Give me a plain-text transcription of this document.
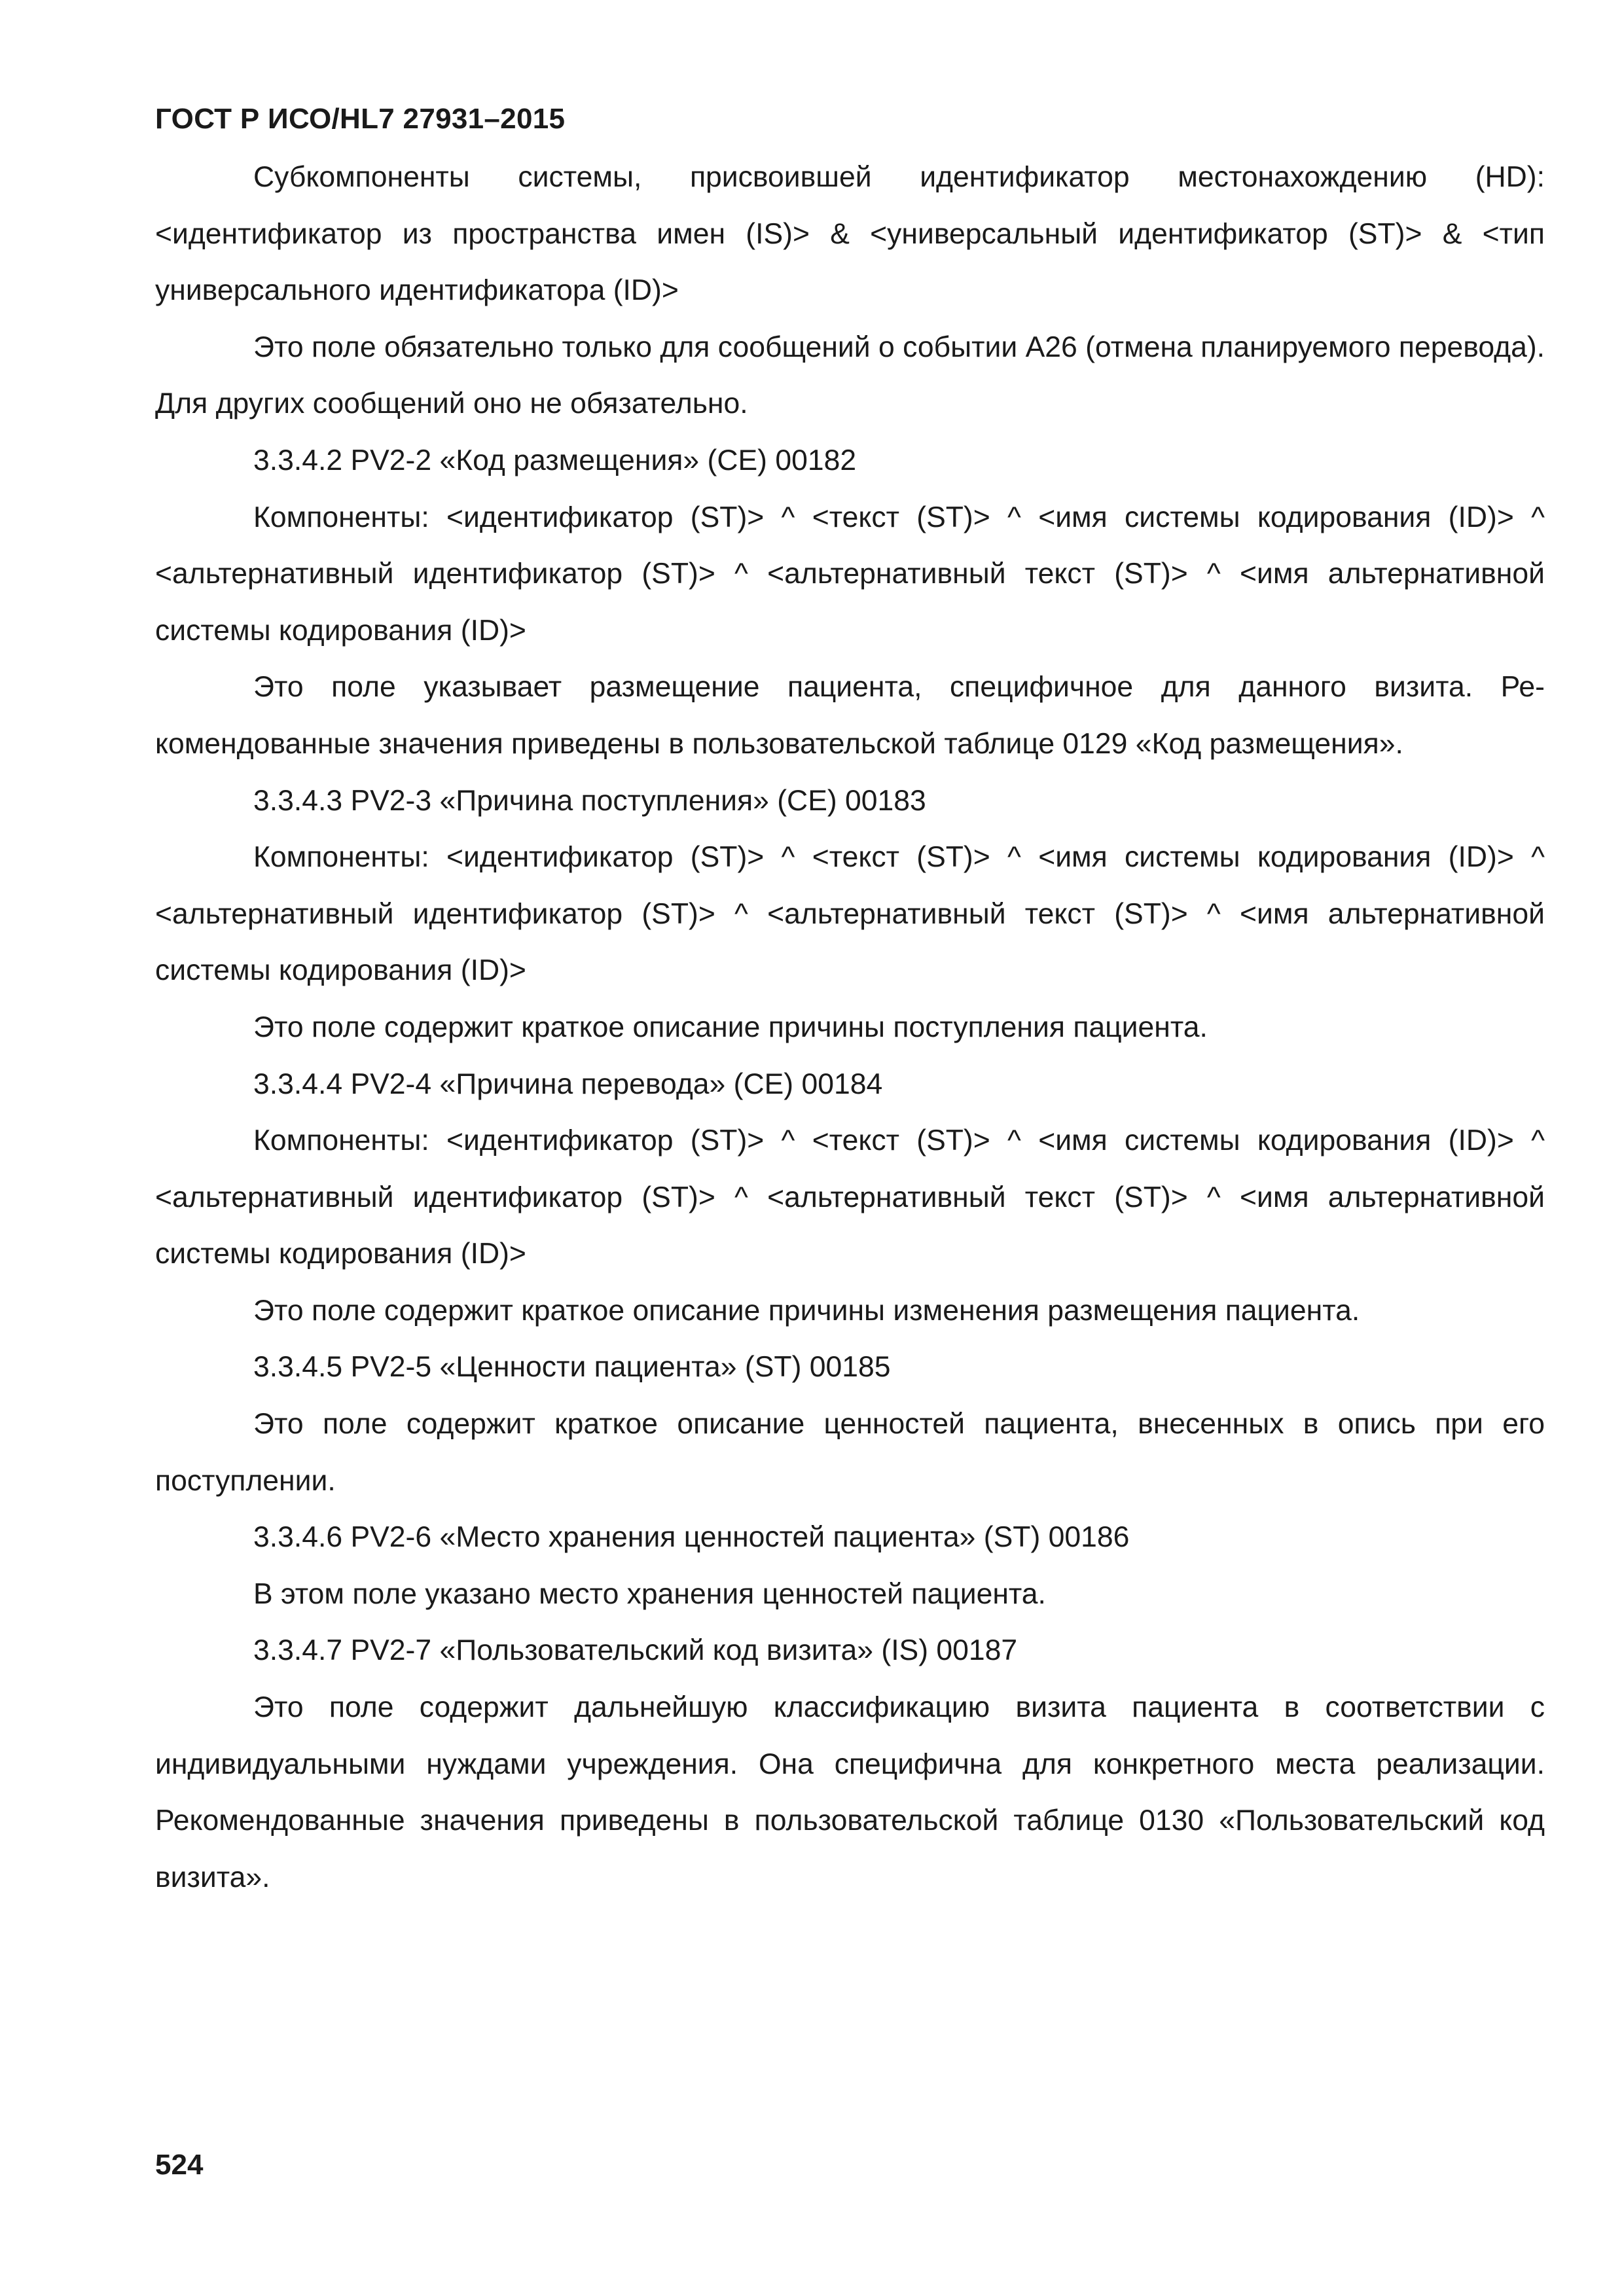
ГОСТ Р ИСО/HL7 27931–2015

Субкомпоненты системы, присвоившей идентификатор местонахождению (HD): <идентификатор из пространства имен (IS)> & <универсальный идентификатор (ST)> & <тип универсального идентификатора (ID)>

Это поле обязательно только для сообщений о событии A26 (отмена планируемого перевода). Для других сообщений оно не обязательно.

3.3.4.2 PV2-2 «Код размещения» (CE) 00182

Компоненты: <идентификатор (ST)> ^ <текст (ST)> ^ <имя системы кодирования (ID)> ^ <альтернативный идентификатор (ST)> ^ <альтернативный текст (ST)> ^ <имя альтернативной системы кодирования (ID)>

Это поле указывает размещение пациента, специфичное для данного визита. Рекомендованные значения приведены в пользовательской таблице 0129 «Код размещения».

3.3.4.3 PV2-3 «Причина поступления» (CE) 00183

Компоненты: <идентификатор (ST)> ^ <текст (ST)> ^ <имя системы кодирования (ID)> ^ <альтернативный идентификатор (ST)> ^ <альтернативный текст (ST)> ^ <имя альтернативной системы кодирования (ID)>

Это поле содержит краткое описание причины поступления пациента.

3.3.4.4 PV2-4 «Причина перевода» (CE) 00184

Компоненты: <идентификатор (ST)> ^ <текст (ST)> ^ <имя системы кодирования (ID)> ^ <альтернативный идентификатор (ST)> ^ <альтернативный текст (ST)> ^ <имя альтернативной системы кодирования (ID)>

Это поле содержит краткое описание причины изменения размещения пациента.

3.3.4.5 PV2-5 «Ценности пациента» (ST) 00185

Это поле содержит краткое описание ценностей пациента, внесенных в опись при его поступлении.

3.3.4.6 PV2-6 «Место хранения ценностей пациента» (ST) 00186

В этом поле указано место хранения ценностей пациента.

3.3.4.7 PV2-7 «Пользовательский код визита» (IS) 00187

Это поле содержит дальнейшую классификацию визита пациента в соответствии с индивидуальными нуждами учреждения. Она специфична для конкретного места реализации. Рекомендованные значения приведены в пользовательской таблице 0130 «Пользовательский код визита».

524
